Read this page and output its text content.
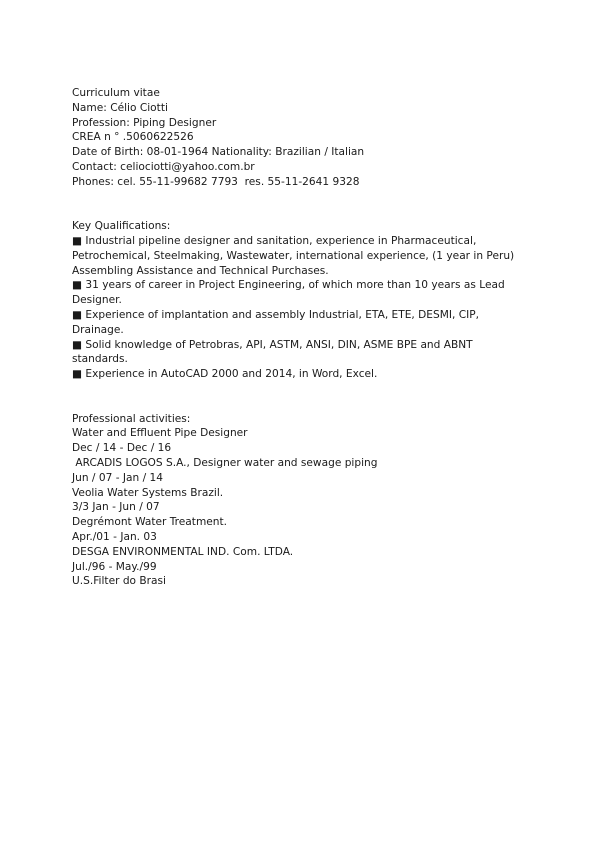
Curriculum vitae
Name: Célio Ciotti
Profession: Piping Designer
CREA n ° .5060622526
Date of Birth: 08-01-1964 Nationality: Brazilian / Italian
Contact: celiociotti@yahoo.com.br
Phones: cel. 55-11-99682 7793  res. 55-11-2641 9328
Key Qualifications:
■ Industrial pipeline designer and sanitation, experience in Pharmaceutical, Petrochemical, Steelmaking, Wastewater, international experience, (1 year in Peru) Assembling Assistance and Technical Purchases.
■ 31 years of career in Project Engineering, of which more than 10 years as Lead Designer.
■ Experience of implantation and assembly Industrial, ETA, ETE, DESMI, CIP, Drainage.
■ Solid knowledge of Petrobras, API, ASTM, ANSI, DIN, ASME BPE and ABNT standards.
■ Experience in AutoCAD 2000 and 2014, in Word, Excel.
Professional activities:
Water and Effluent Pipe Designer
Dec / 14 - Dec / 16
ARCADIS LOGOS S.A., Designer water and sewage piping
Jun / 07 - Jan / 14
Veolia Water Systems Brazil.
3/3 Jan - Jun / 07
Degrémont Water Treatment.
Apr./01 - Jan. 03
DESGA ENVIRONMENTAL IND. Com. LTDA.
Jul./96 - May./99
U.S.Filter do Brasi
